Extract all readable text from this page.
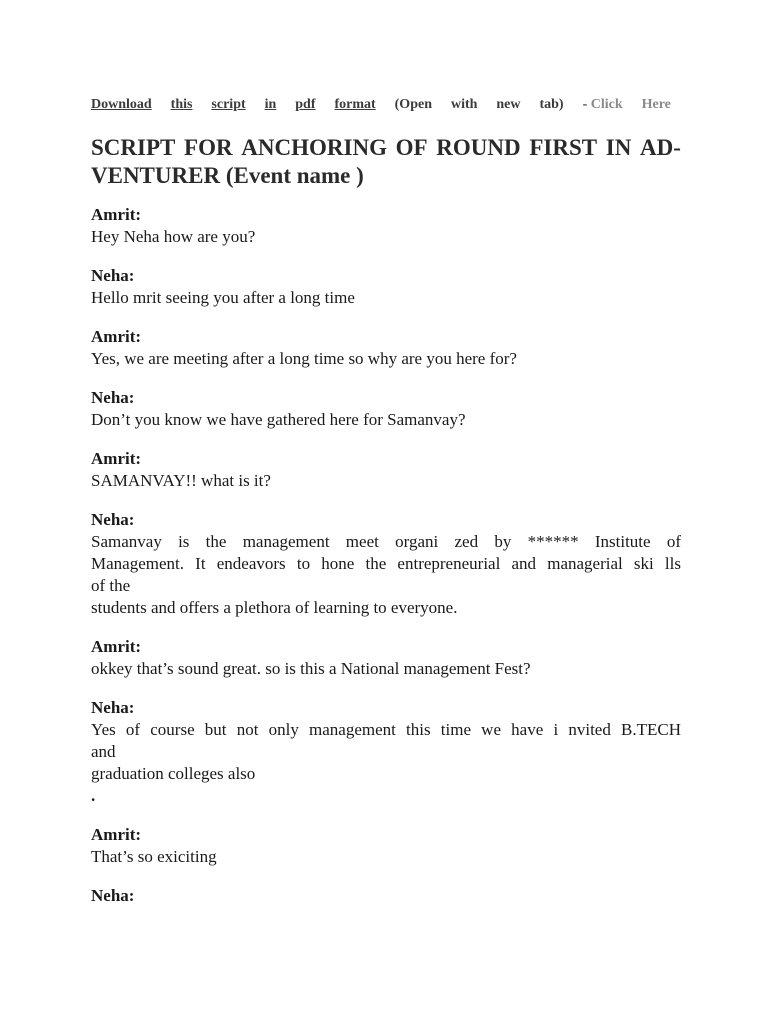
Download this script in pdf format (Open with new tab) - Click Here
SCRIPT FOR ANCHORING OF ROUND FIRST IN AD-
VENTURER (Event name )
Amrit:
Hey Neha how are you?
Neha:
Hello mrit seeing you after a long time
Amrit:
Yes, we are meeting after a long time so why are you here for?
Neha:
Don’t you know we have gathered here for Samanvay?
Amrit:
SAMANVAY!! what is it?
Neha:
Samanvay is the management meet organi zed by ****** Institute of
Management. It endeavors to hone the entrepreneurial and managerial ski lls
of the
students and offers a plethora of learning to everyone.
Amrit:
okkey that’s sound great. so is this a National management Fest?
Neha:
Yes of course but not only management this time we have i nvited B.TECH
and
graduation colleges also
.
Amrit:
That’s so exiciting
Neha:
